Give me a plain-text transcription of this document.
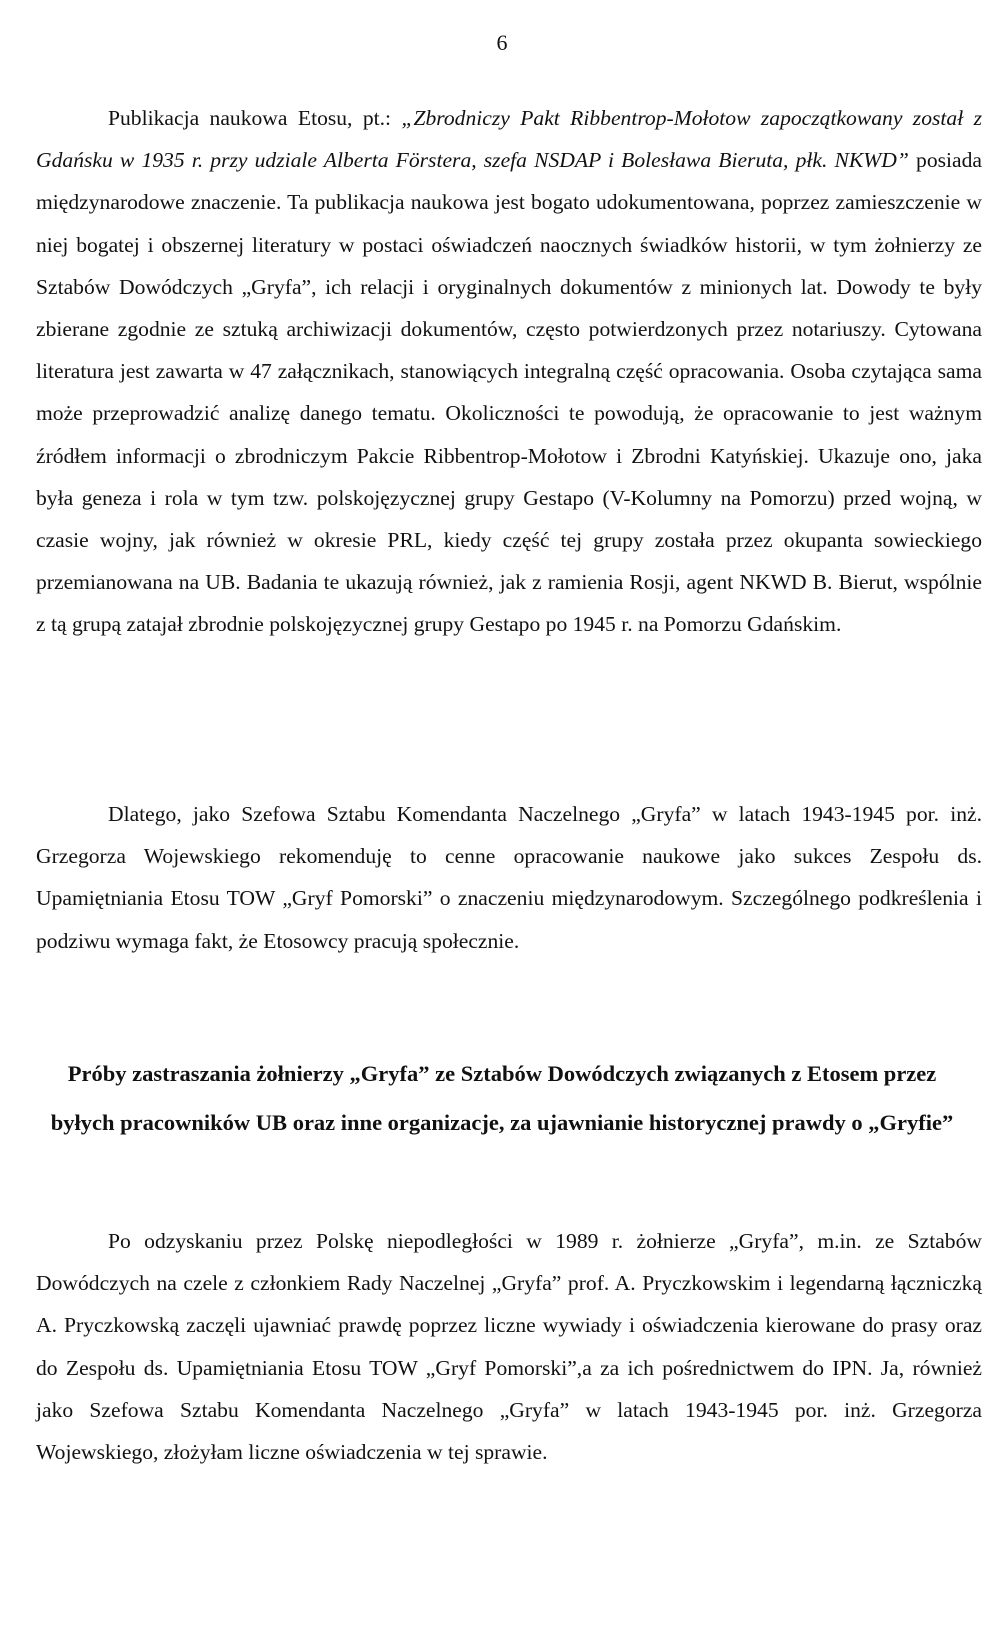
6

Publikacja naukowa Etosu, pt.: „Zbrodniczy Pakt Ribbentrop-Mołotow zapoczątkowany został z Gdańsku w 1935 r. przy udziale Alberta Förstera, szefa NSDAP i Bolesława Bieruta, płk. NKWD” posiada międzynarodowe znaczenie. Ta publikacja naukowa jest bogato udokumentowana, poprzez zamieszczenie w niej bogatej i obszernej literatury w postaci oświadczeń naocznych świadków historii, w tym żołnierzy ze Sztabów Dowódczych „Gryfa”, ich relacji i oryginalnych dokumentów z minionych lat. Dowody te były zbierane zgodnie ze sztuką archiwizacji dokumentów, często potwierdzonych przez notariuszy. Cytowana literatura jest zawarta w 47 załącznikach, stanowiących integralną część opracowania. Osoba czytająca sama może przeprowadzić analizę danego tematu. Okoliczności te powodują, że opracowanie to jest ważnym źródłem informacji o zbrodniczym Pakcie Ribbentrop-Mołotow i Zbrodni Katyńskiej. Ukazuje ono, jaka była geneza i rola w tym tzw. polskojęzycznej grupy Gestapo (V-Kolumny na Pomorzu) przed wojną, w czasie wojny, jak również w okresie PRL, kiedy część tej grupy została przez okupanta sowieckiego przemianowana na UB. Badania te ukazują również, jak z ramienia Rosji, agent NKWD B. Bierut, wspólnie z tą grupą zatajał zbrodnie polskojęzycznej grupy Gestapo po 1945 r. na Pomorzu Gdańskim.

Dlatego, jako Szefowa Sztabu Komendanta Naczelnego „Gryfa” w latach 1943-1945 por. inż. Grzegorza Wojewskiego rekomenduję to cenne opracowanie naukowe jako sukces Zespołu ds. Upamiętniania Etosu TOW „Gryf Pomorski” o znaczeniu międzynarodowym. Szczególnego podkreślenia i podziwu wymaga fakt, że Etosowcy pracują społecznie.

Próby zastraszania żołnierzy „Gryfa” ze Sztabów Dowódczych związanych z Etosem przez byłych pracowników UB oraz inne organizacje, za ujawnianie historycznej prawdy o „Gryfie”

Po odzyskaniu przez Polskę niepodległości w 1989 r. żołnierze „Gryfa”, m.in. ze Sztabów Dowódczych na czele z członkiem Rady Naczelnej „Gryfa” prof. A. Pryczkowskim i legendarną łączniczką A. Pryczkowską zaczęli ujawniać prawdę poprzez liczne wywiady i oświadczenia kierowane do prasy oraz do Zespołu ds. Upamiętniania Etosu TOW „Gryf Pomorski”,a za ich pośrednictwem do IPN. Ja, również jako Szefowa Sztabu Komendanta Naczelnego „Gryfa” w latach 1943-1945 por. inż. Grzegorza Wojewskiego, złożyłam liczne oświadczenia w tej sprawie.
